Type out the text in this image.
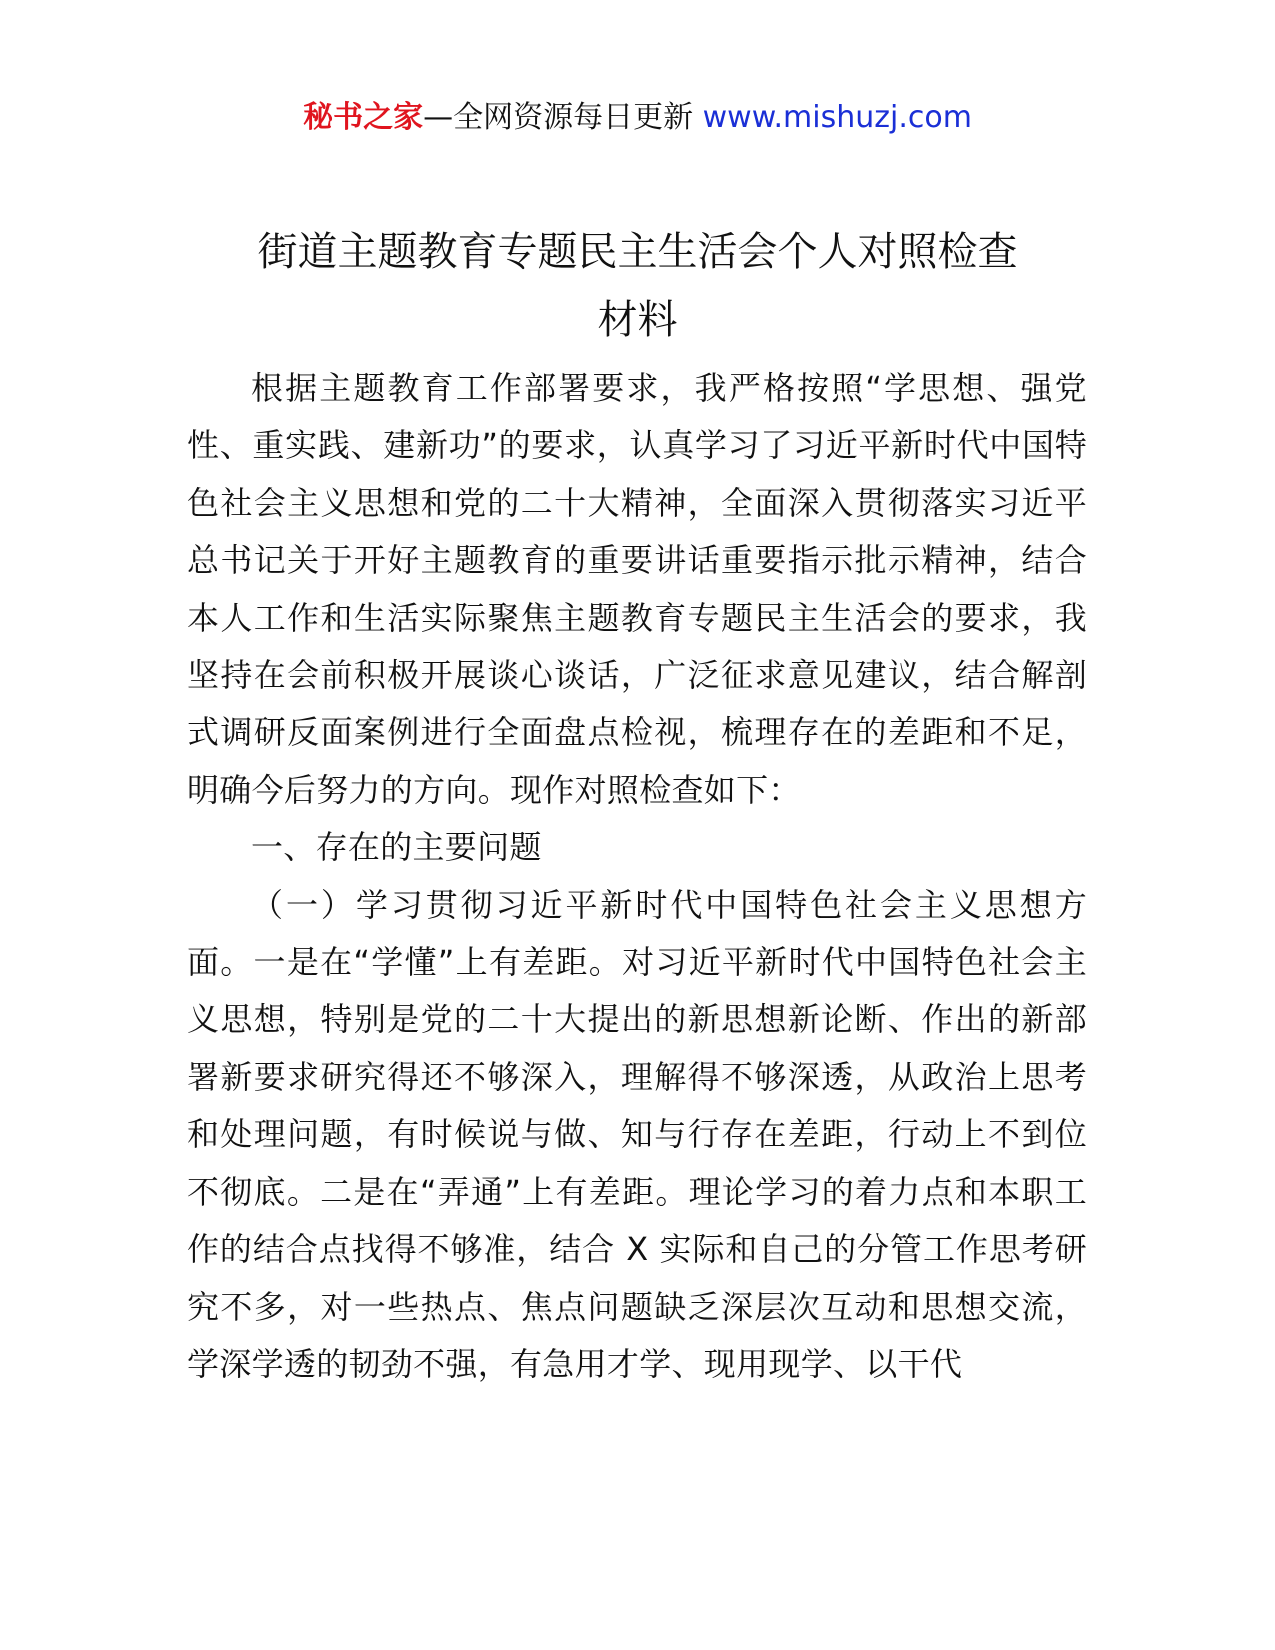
秘书之家—全网资源每日更新 www.mishuzj.com
街道主题教育专题民主生活会个人对照检查
材料

根据主题教育工作部署要求，我严格按照“学思想、强党性、重实践、建新功”的要求，认真学习了习近平新时代中国特色社会主义思想和党的二十大精神，全面深入贯彻落实习近平总书记关于开好主题教育的重要讲话重要指示批示精神，结合本人工作和生活实际聚焦主题教育专题民主生活会的要求，我坚持在会前积极开展谈心谈话，广泛征求意见建议，结合解剖式调研反面案例进行全面盘点检视，梳理存在的差距和不足，明确今后努力的方向。现作对照检查如下：

一、存在的主要问题

（一）学习贯彻习近平新时代中国特色社会主义思想方面。一是在“学懂”上有差距。对习近平新时代中国特色社会主义思想，特别是党的二十大提出的新思想新论断、作出的新部署新要求研究得还不够深入，理解得不够深透，从政治上思考和处理问题，有时候说与做、知与行存在差距，行动上不到位不彻底。二是在“弄通”上有差距。理论学习的着力点和本职工作的结合点找得不够准，结合 X 实际和自己的分管工作思考研究不多，对一些热点、焦点问题缺乏深层次互动和思想交流，学深学透的韧劲不强，有急用才学、现用现学、以干代
